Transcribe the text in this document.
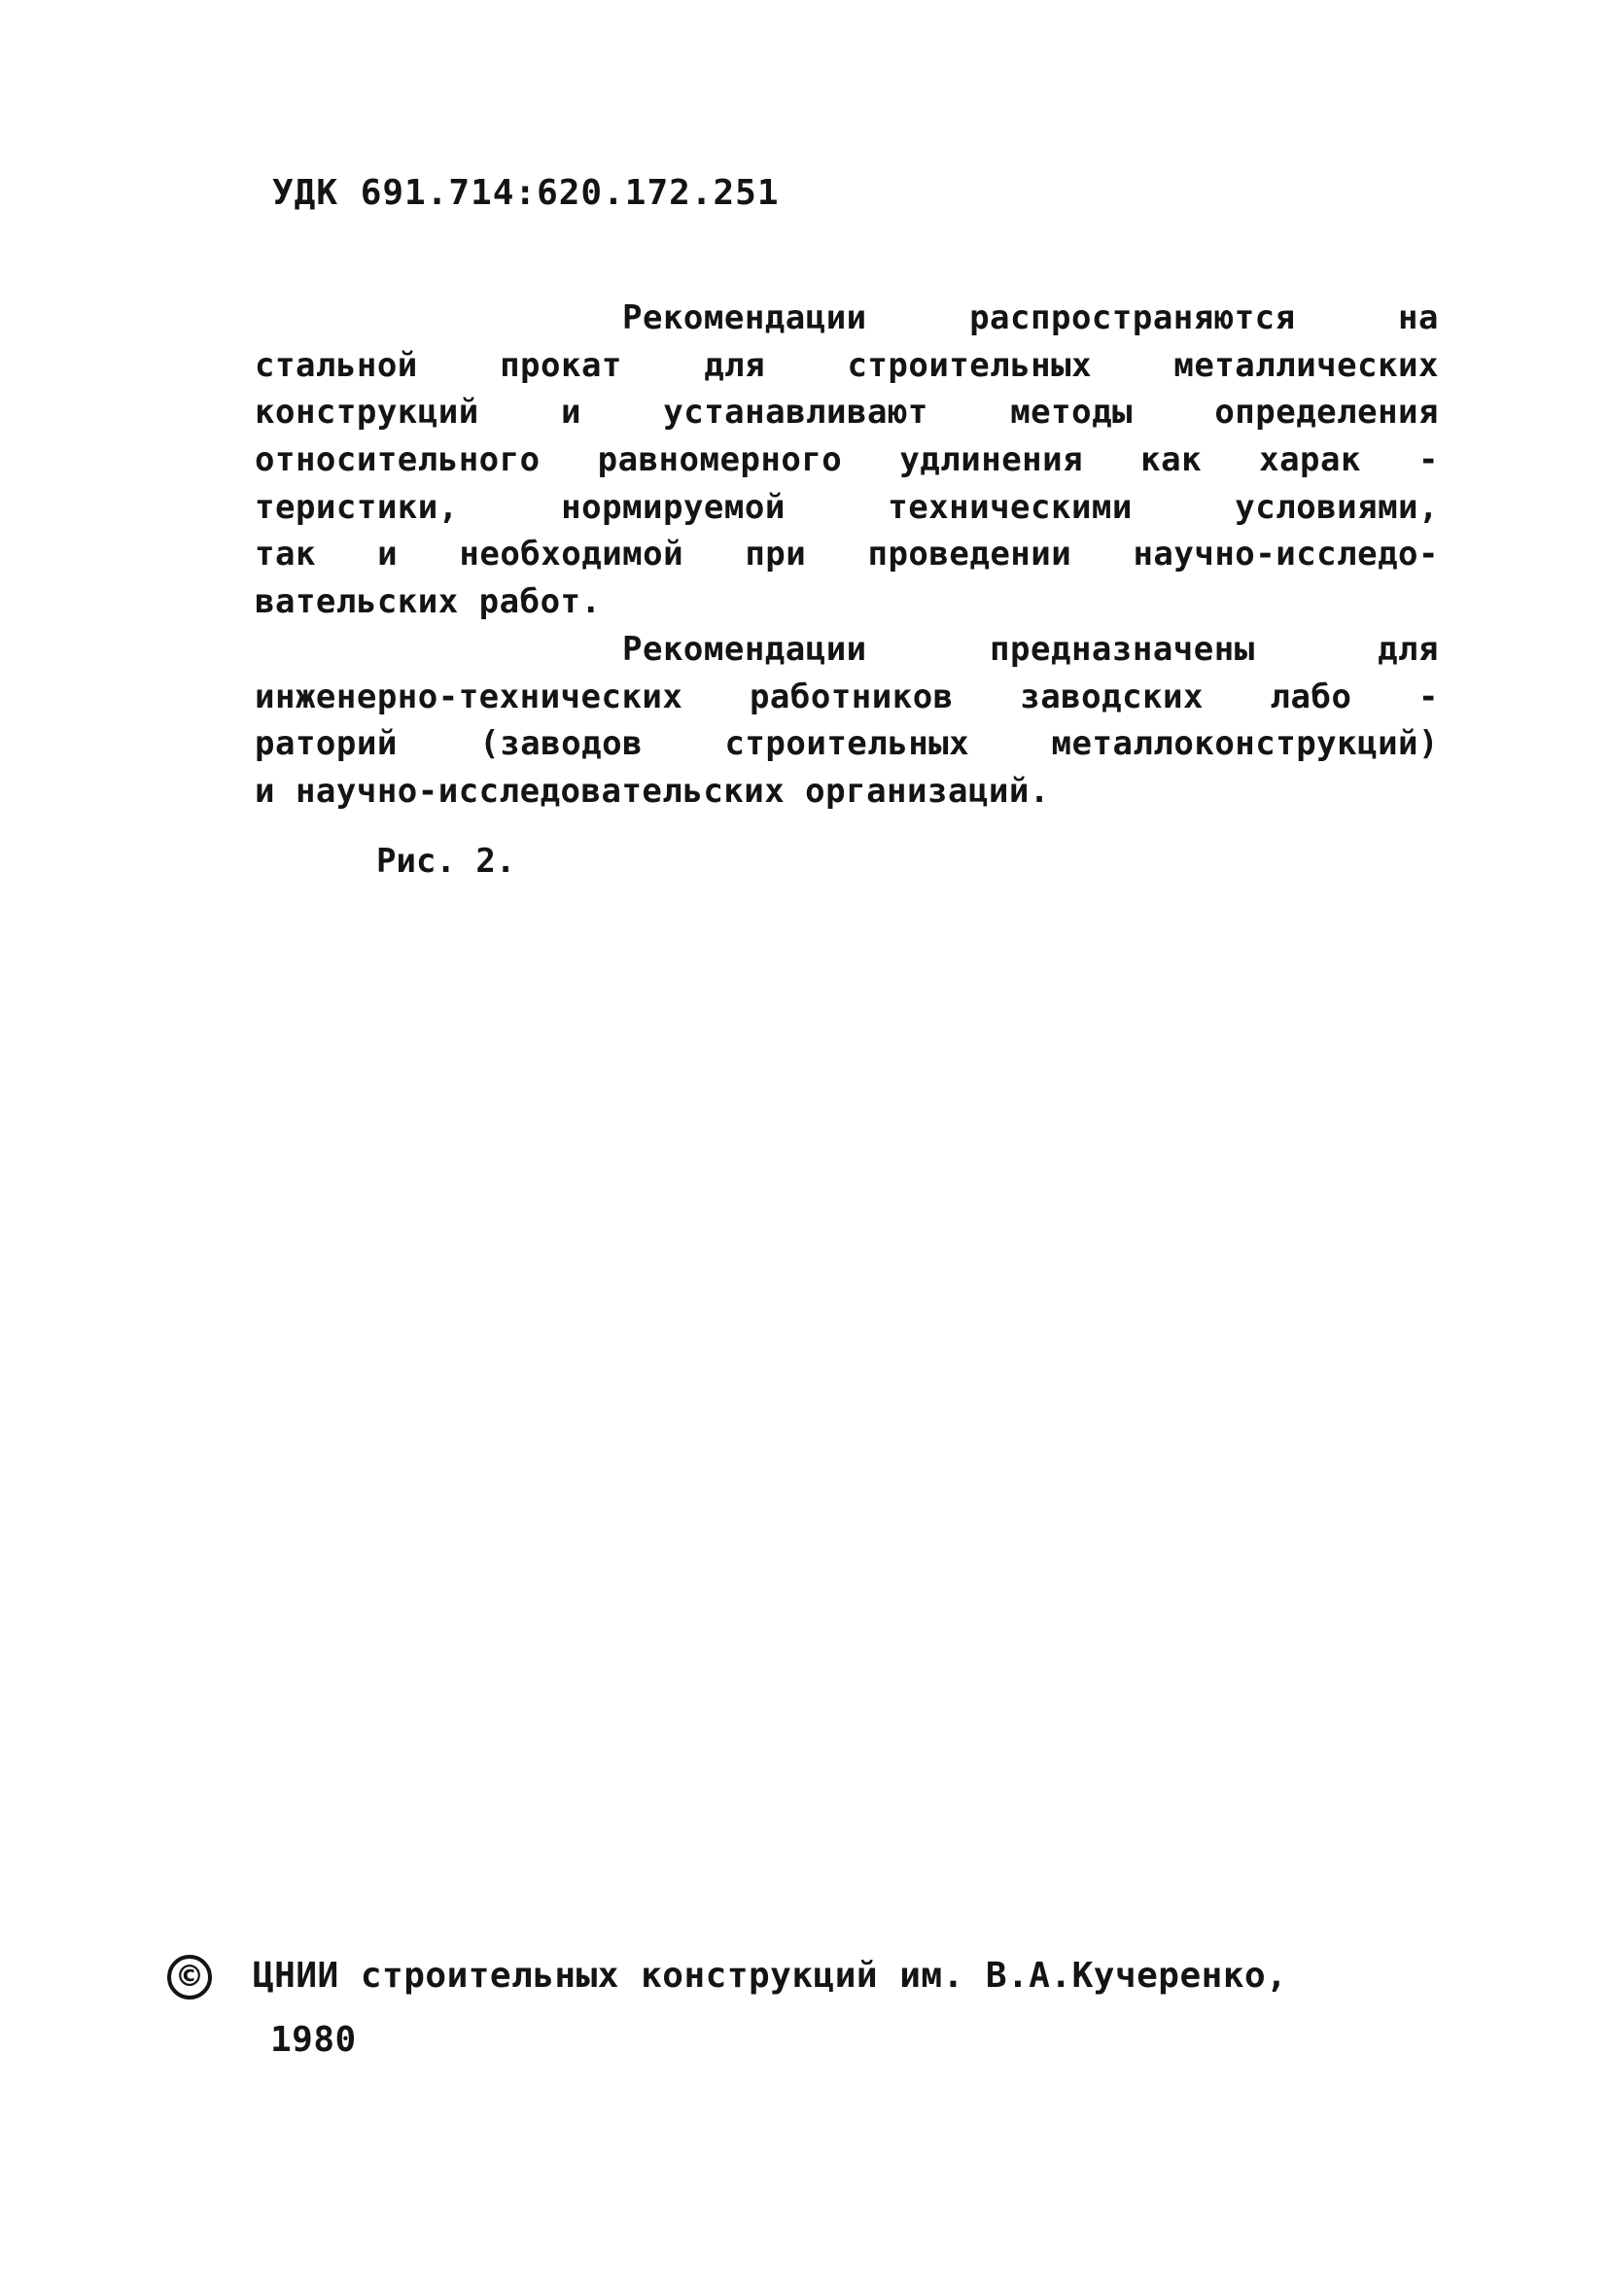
УДК 691.714:620.172.251
Рекомендации распространяются на
стальной прокат для строительных металлических
конструкций и устанавливают методы определения
относительного равномерного удлинения как харак -
теристики, нормируемой техническими условиями,
так и необходимой при проведении научно-исследо-
вательских работ.
Рекомендации предназначены для
инженерно-технических работников заводских лабо -
раторий (заводов строительных металлоконструкций)
и научно-исследовательских организаций.
Рис. 2.
© ЦНИИ строительных конструкций им. В.А.Кучеренко,
1980
